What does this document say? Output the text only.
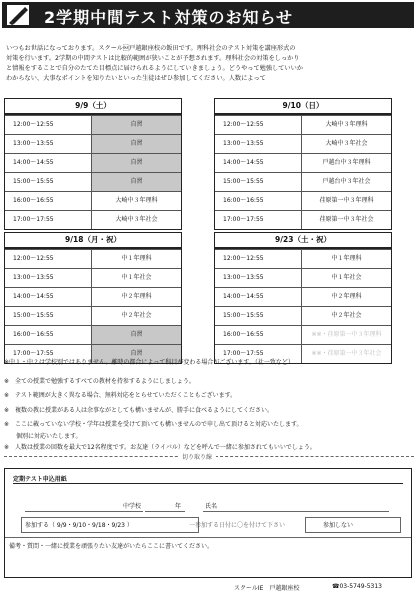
2学期中間テスト対策のお知らせ
いつもお世話になっております。スクール戸越銀座校の飯田です。理科社会のテスト対策を講座形式の
対策を行います。2学期の中間テストは比較的範囲が狭いことが予想されます。理科社会の対策をしっかり
と情報をすることで自分のたてた目標点に届けられるようにしていきましょう。どうやって勉強していいか
わからない、大事なポイントを知りたいといった生徒はぜひ参加してください。人数によって
9/9（土）
12:00〜12:55	自習
13:00〜13:55	自習
14:00〜14:55	自習
15:00〜15:55	自習
16:00〜16:55	大崎中３年理科
17:00〜17:55	大崎中３年社会
9/10（日）
12:00〜12:55	大崎中３年理科
13:00〜13:55	大崎中３年社会
14:00〜14:55	戸越台中３年理科
15:00〜15:55	戸越台中３年社会
16:00〜16:55	荏原第一中３年理科
17:00〜17:55	荏原第一中３年社会
9/18（月・祝）
12:00〜12:55	中１年理科
13:00〜13:55	中１年社会
14:00〜14:55	中２年理科
15:00〜15:55	中２年社会
16:00〜16:55	自習
17:00〜17:55	自習
9/23（土・祝）
12:00〜12:55	中１年理科
13:00〜13:55	中１年社会
14:00〜14:55	中２年理科
15:00〜15:55	中２年社会
16:00〜16:55	※※・荏原第一中３年理科
17:00〜17:55	※※・荏原第一中３年社会
※中１・中２は学校別ではありません。離時の都合によって科目が変わる場合がございます。（社一致など）
※　全ての授業で勉強するすべての教材を持参するようにしましょう。
※　テスト範囲が大きく異なる場合、無料対応をとらせていただくこともございます。
※　複数の教に授業がある人は余事ながとしても構いませんが、勝手に食べるようにしてください。
※　ここに載っていない学校・学年は授業を受けて頂いても構いませんので申し出て頂けると対応いたします。
　　個別に対応いたします。
※　人数は授業の回数を最大で12名程度です。お友達（ライバル）などを呼んで一緒に参加されてもいいでしょう。
切り取り線
定期テスト申込用紙
中学校	年	氏名
参加する（ 9/9・9/10・9/18・9/23 ）	一参加する日付に〇を付けて下さい	参加しない
備考・質問・一緒に授業を頑張りたい友達がいたらここに書いてください。
スクールIE　戸越銀座校	☎03-5749-5313
